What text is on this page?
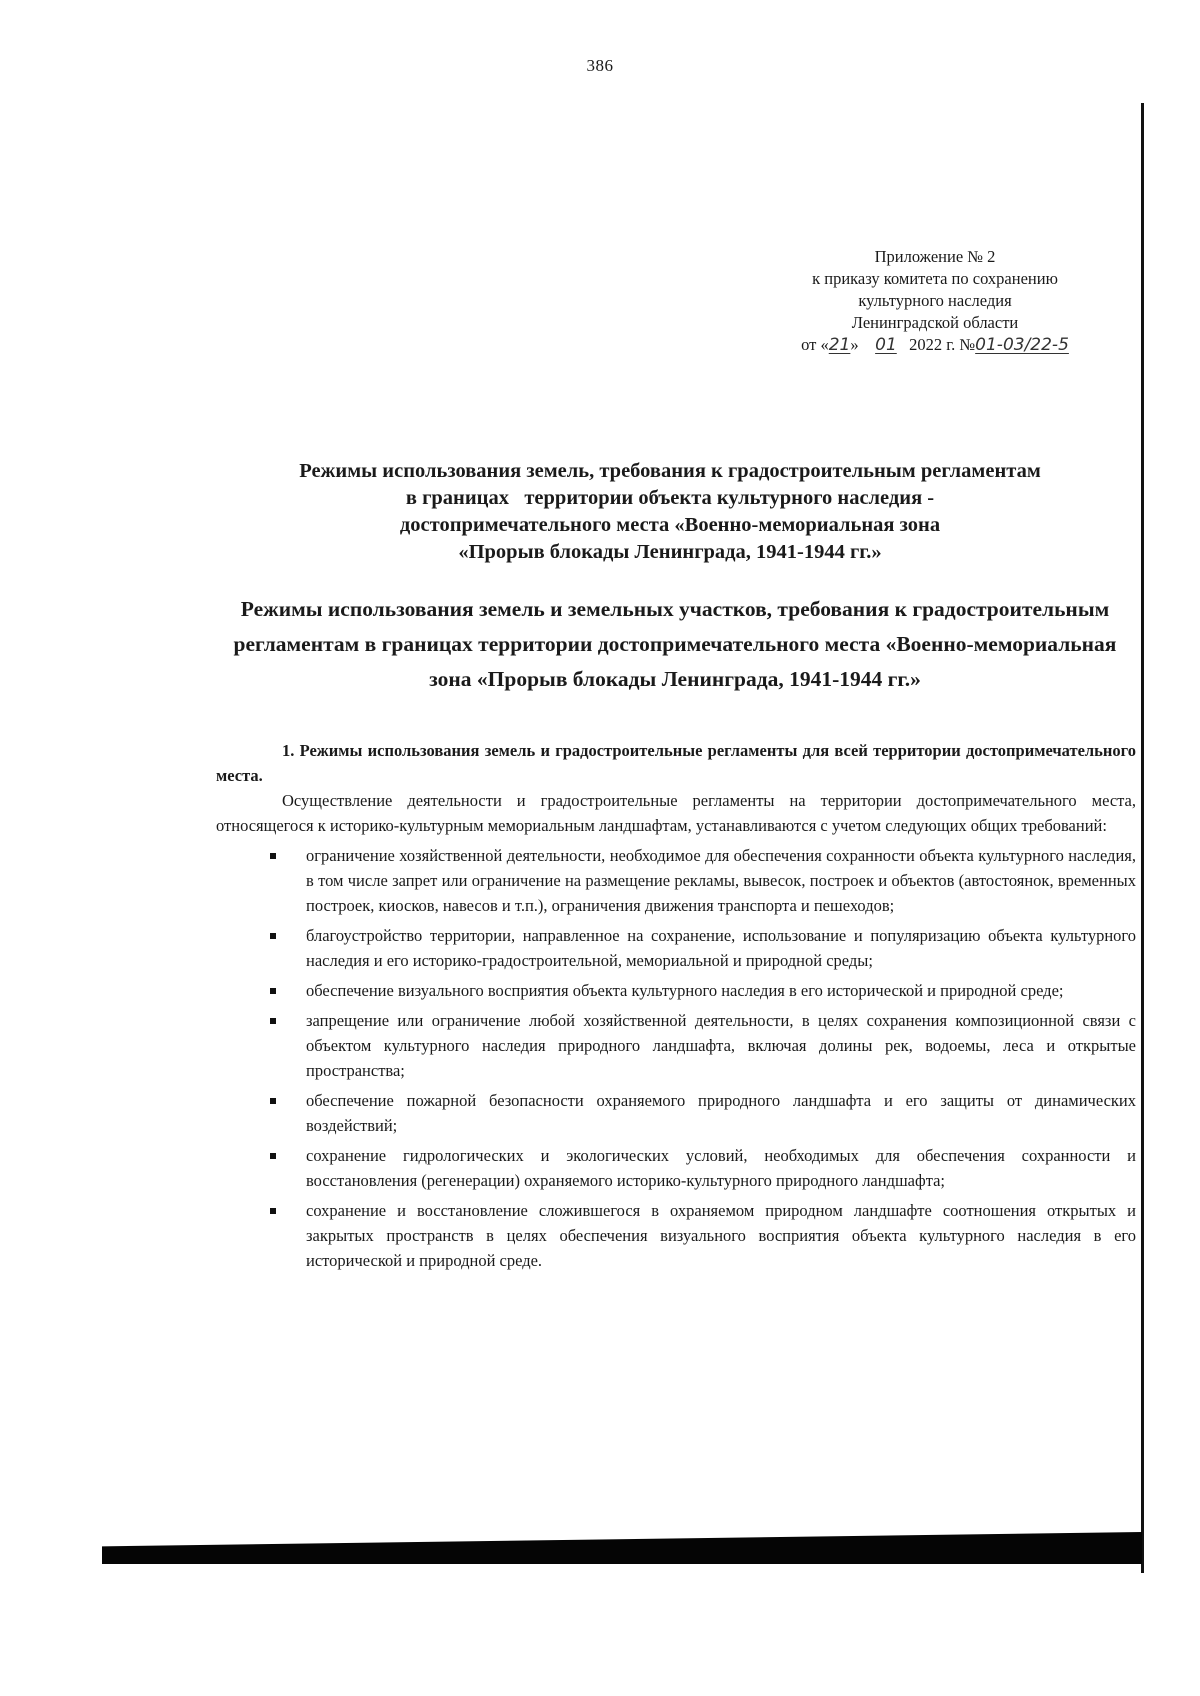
386
Приложение № 2
к приказу комитета по сохранению
культурного наследия
Ленинградской области
от «21» 01 2022 г. №01-03/22-5
Режимы использования земель, требования к градостроительным регламентам
в границах   территории объекта культурного наследия -
достопримечательного места «Военно-мемориальная зона
«Прорыв блокады Ленинграда, 1941-1944 гг.»
Режимы использования земель и земельных участков, требования к градостроительным регламентам в границах территории достопримечательного места «Военно-мемориальная зона «Прорыв блокады Ленинграда, 1941-1944 гг.»

1. Режимы использования земель и градостроительные регламенты для всей территории достопримечательного места.

Осуществление деятельности и градостроительные регламенты на территории достопримечательного места, относящегося к историко-культурным мемориальным ландшафтам, устанавливаются с учетом следующих общих требований:

ограничение хозяйственной деятельности, необходимое для обеспечения сохранности объекта культурного наследия, в том числе запрет или ограничение на размещение рекламы, вывесок, построек и объектов (автостоянок, временных построек, киосков, навесов и т.п.), ограничения движения транспорта и пешеходов;
благоустройство территории, направленное на сохранение, использование и популяризацию объекта культурного наследия и его историко-градостроительной, мемориальной и природной среды;
обеспечение визуального восприятия объекта культурного наследия в его исторической и природной среде;
запрещение или ограничение любой хозяйственной деятельности, в целях сохранения композиционной связи с объектом культурного наследия природного ландшафта, включая долины рек, водоемы, леса и открытые пространства;
обеспечение пожарной безопасности охраняемого природного ландшафта и его защиты от динамических воздействий;
сохранение гидрологических и экологических условий, необходимых для обеспечения сохранности и восстановления (регенерации) охраняемого историко-культурного природного ландшафта;
сохранение и восстановление сложившегося в охраняемом природном ландшафте соотношения открытых и закрытых пространств в целях обеспечения визуального восприятия объекта культурного наследия в его исторической и природной среде.
